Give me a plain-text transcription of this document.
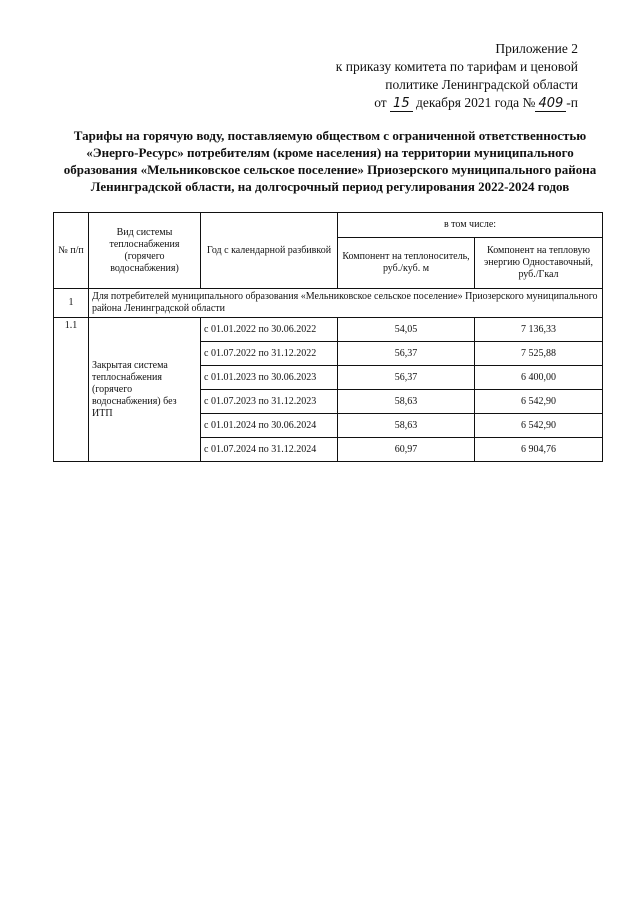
Приложение 2
к приказу комитета по тарифам и ценовой
политике Ленинградской области
от 15 декабря 2021 года № 409 -п
Тарифы на горячую воду, поставляемую обществом с ограниченной ответственностью «Энерго-Ресурс» потребителям (кроме населения) на территории муниципального образования «Мельниковское сельское поселение» Приозерского муниципального района Ленинградской области, на долгосрочный период регулирования 2022-2024 годов
№ п/п	Вид системы теплоснабжения (горячего водоснабжения)	Год с календарной разбивкой	в том числе:	
			Компонент на теплоноситель, руб./куб. м	Компонент на тепловую энергию Одноставочный, руб./Гкал
1	Для потребителей муниципального образования «Мельниковское сельское поселение» Приозерского муниципального района Ленинградской области			
1.1	Закрытая система теплоснабжения (горячего водоснабжения) без ИТП	с 01.01.2022 по 30.06.2022	54,05	7 136,33
		с 01.07.2022 по 31.12.2022	56,37	7 525,88
		с 01.01.2023 по 30.06.2023	56,37	6 400,00
		с 01.07.2023 по 31.12.2023	58,63	6 542,90
		с 01.01.2024 по 30.06.2024	58,63	6 542,90
		с 01.07.2024 по 31.12.2024	60,97	6 904,76
